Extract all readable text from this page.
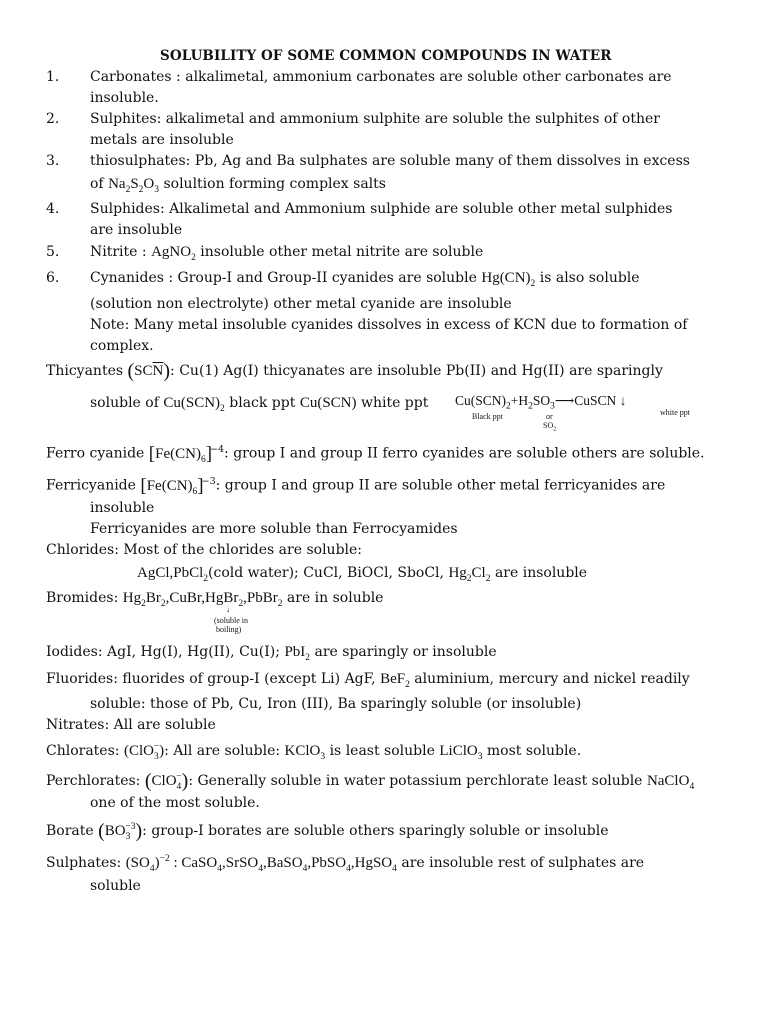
SOLUBILITY OF SOME COMMON COMPOUNDS IN WATER
1. Carbonates : alkalimetal, ammonium carbonates are soluble other carbonates are
insoluble.
2. Sulphites: alkalimetal and ammonium sulphite are soluble the sulphites of other
metals are insoluble
3. thiosulphates: Pb, Ag and Ba sulphates are soluble many of them dissolves in excess
of $Na_2S_2O_3$ solultion forming complex salts
4. Sulphides: Alkalimetal and Ammonium sulphide are soluble other metal sulphides
are insoluble
5. Nitrite : AgNO$_2$ insoluble other metal nitrite are soluble
6. Cynanides : Group-I and Group-II cyanides are soluble $Hg(CN)_2$ is also soluble
(solution non electrolyte) other metal cyanide are insoluble
Note: Many metal insoluble cyanides dissolves in excess of KCN due to formation of
complex.
Thicyantes $(SC\overline{N})$: Cu(1) Ag(I) thicyanates are insoluble Pb(II) and Hg(II) are sparingly
soluble of $Cu(SCN)_2$ black ppt Cu(SCN) white ppt $Cu(SCN)_2+H_2SO_3⟶CuSCN$ ↓
Black ppt	or
$SO_2$
white ppt
Ferro cyanide $[Fe(CN)_6]^{-4}$: group I and group II ferro cyanides are soluble others are soluble.
Ferricyanide $[Fe(CN)_6]^{-3}$: group I and group II are soluble other metal ferricyanides are
insoluble
Ferricyanides are more soluble than Ferrocyamides
Chlorides: Most of the chlorides are soluble:
AgCl,PbCl$_2$(cold water); CuCl, BiOCl, SboCl, $Hg_2Cl_2$ are insoluble
Bromides: $Hg_2Br_2,CuBr,HgBr_2,PbBr_2$ are in soluble
↓
(soluble in
boiling)
Iodides: AgI, Hg(I), Hg(II), Cu(I); PbI$_2$ are sparingly or insoluble
Fluorides: fluorides of group-I (except Li) AgF, BeF$_2$ aluminium, mercury and nickel readily
soluble: those of Pb, Cu, Iron (III), Ba sparingly soluble (or insoluble)
Nitrates: All are soluble
Chlorates: (ClO$_3$−): All are soluble: KClO$_3$ is least soluble LiClO$_3$ most soluble.
Perchlorates: (ClO$_4$−): Generally soluble in water potassium perchlorate least soluble NaClO$_4$
one of the most soluble.
Borate $(BO_3^{-3})$: group-I borates are soluble others sparingly soluble or insoluble
Sulphates: $(SO_4)^{-2}$ : CaSO$_4$,SrSO$_4$,BaSO$_4$,PbSO$_4$,HgSO$_4$ are insoluble rest of sulphates are
soluble
